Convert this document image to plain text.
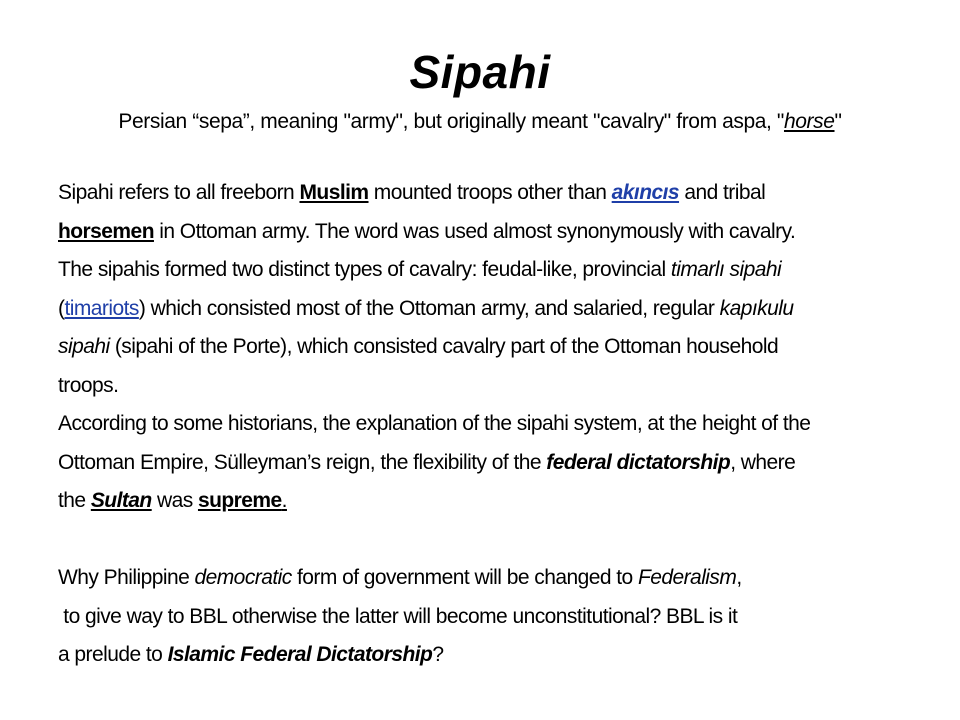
Sipahi
Persian “sepa”, meaning "army", but originally meant "cavalry" from aspa, "horse"
Sipahi refers to all freeborn Muslim mounted troops other than akıncıs and tribal
horsemen in Ottoman army. The word was used almost synonymously with cavalry.
The sipahis formed two distinct types of cavalry: feudal-like, provincial timarlı sipahi
(timariots) which consisted most of the Ottoman army, and salaried, regular kapıkulu
sipahi (sipahi of the Porte), which consisted cavalry part of the Ottoman household
troops.
According to some historians, the explanation of the sipahi system, at the height of the
Ottoman Empire, Sülleyman’s reign, the flexibility of the federal dictatorship, where
the Sultan was supreme.
Why Philippine democratic form of government will be changed to Federalism,
to give way to BBL otherwise the latter will become unconstitutional? BBL is it
a prelude to Islamic Federal Dictatorship?
